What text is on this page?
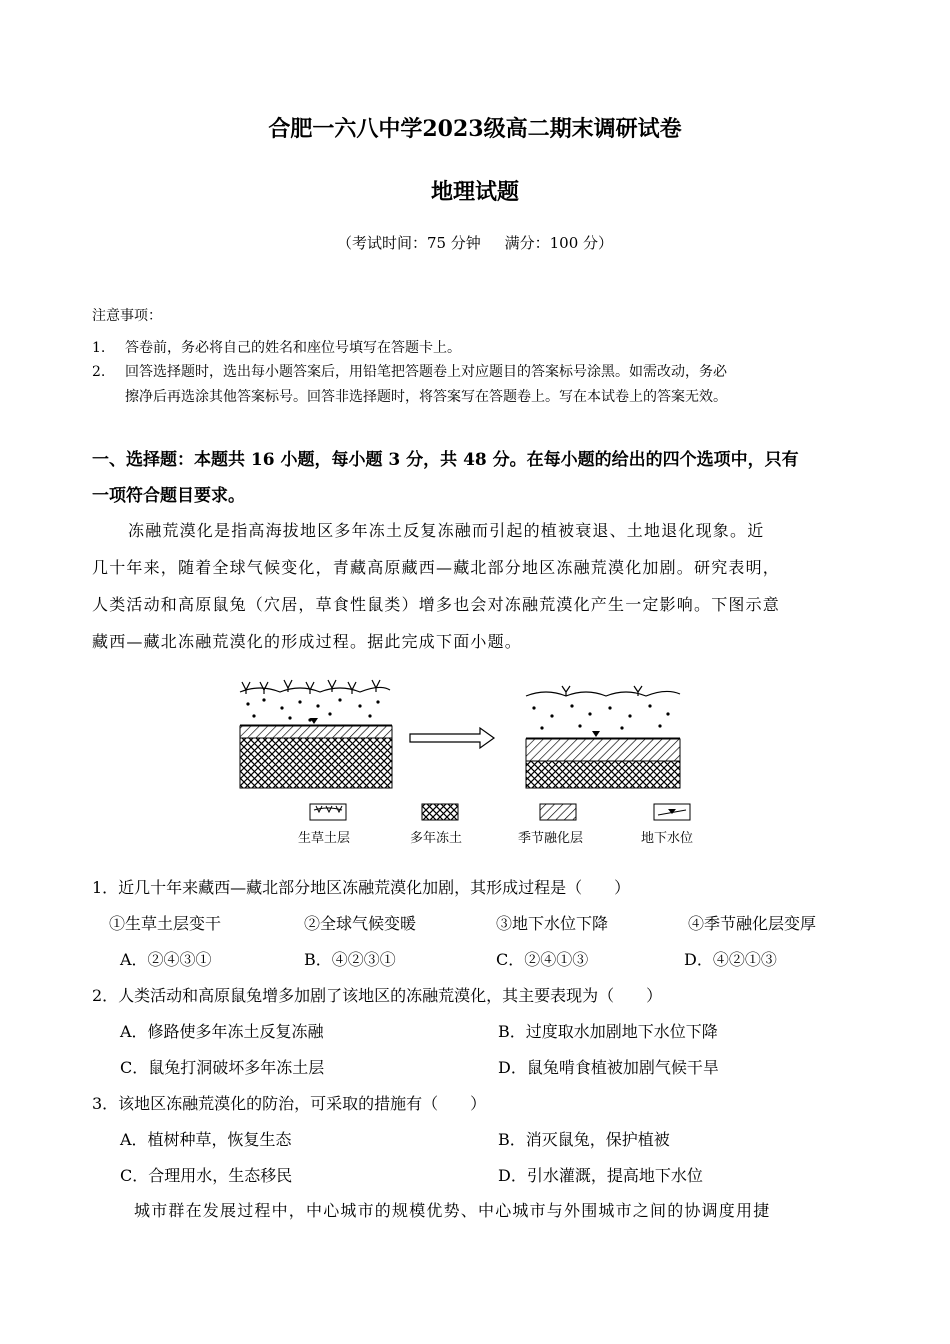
合肥一六八中学2023级高二期末调研试卷
地理试题
（考试时间：75 分钟     满分：100 分）
注意事项：
1. 答卷前，务必将自己的姓名和座位号填写在答题卡上。
2. 回答选择题时，选出每小题答案后，用铅笔把答题卷上对应题目的答案标号涂黑。如需改动，务必
擦净后再选涂其他答案标号。回答非选择题时，将答案写在答题卷上。写在本试卷上的答案无效。
一、选择题：本题共 16 小题，每小题 3 分，共 48 分。在每小题的给出的四个选项中，只有
一项符合题目要求。
冻融荒漠化是指高海拔地区多年冻土反复冻融而引起的植被衰退、土地退化现象。近
几十年来，随着全球气候变化，青藏高原藏西—藏北部分地区冻融荒漠化加剧。研究表明，
人类活动和高原鼠兔（穴居，草食性鼠类）增多也会对冻融荒漠化产生一定影响。下图示意
藏西—藏北冻融荒漠化的形成过程。据此完成下面小题。
生草土层	多年冻土	季节融化层	地下水位
1．近几十年来藏西—藏北部分地区冻融荒漠化加剧，其形成过程是（　　）
①生草土层变干	②全球气候变暖	③地下水位下降	④季节融化层变厚
A．②④③①	B．④②③①	C．②④①③	D．④②①③
2．人类活动和高原鼠兔增多加剧了该地区的冻融荒漠化，其主要表现为（　　）
A．修路使多年冻土反复冻融	B．过度取水加剧地下水位下降
C．鼠兔打洞破坏多年冻土层	D．鼠兔啃食植被加剧气候干旱
3．该地区冻融荒漠化的防治，可采取的措施有（　　）
A．植树种草，恢复生态	B．消灭鼠兔，保护植被
C．合理用水，生态移民	D．引水灌溉，提高地下水位
城市群在发展过程中，中心城市的规模优势、中心城市与外围城市之间的协调度用捷
